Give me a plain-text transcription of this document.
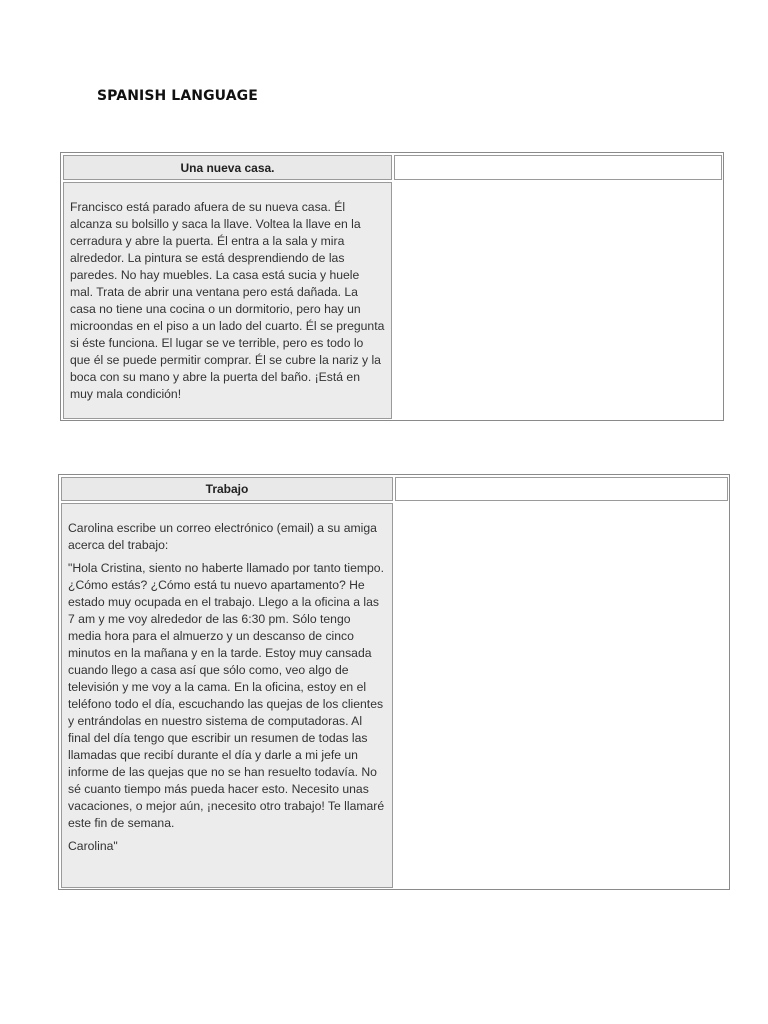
SPANISH LANGUAGE
Una nueva casa.

Francisco está parado afuera de su nueva casa. Él alcanza su bolsillo y saca la llave. Voltea la llave en la cerradura y abre la puerta. Él entra a la sala y mira alrededor. La pintura se está desprendiendo de las paredes. No hay muebles. La casa está sucia y huele mal. Trata de abrir una ventana pero está dañada. La casa no tiene una cocina o un dormitorio, pero hay un microondas en el piso a un lado del cuarto. Él se pregunta si éste funciona. El lugar se ve terrible, pero es todo lo que él se puede permitir comprar. Él se cubre la nariz y la boca con su mano y abre la puerta del baño. ¡Está en muy mala condición!

Trabajo

Carolina escribe un correo electrónico (email) a su amiga acerca del trabajo:

"Hola Cristina, siento no haberte llamado por tanto tiempo. ¿Cómo estás? ¿Cómo está tu nuevo apartamento? He estado muy ocupada en el trabajo. Llego a la oficina a las 7 am y me voy alrededor de las 6:30 pm. Sólo tengo media hora para el almuerzo y un descanso de cinco minutos en la mañana y en la tarde. Estoy muy cansada cuando llego a casa así que sólo como, veo algo de televisión y me voy a la cama. En la oficina, estoy en el teléfono todo el día, escuchando las quejas de los clientes y entrándolas en nuestro sistema de computadoras. Al final del día tengo que escribir un resumen de todas las llamadas que recibí durante el día y darle a mi jefe un informe de las quejas que no se han resuelto todavía. No sé cuanto tiempo más pueda hacer esto. Necesito unas vacaciones, o mejor aún, ¡necesito otro trabajo! Te llamaré este fin de semana.

Carolina"
